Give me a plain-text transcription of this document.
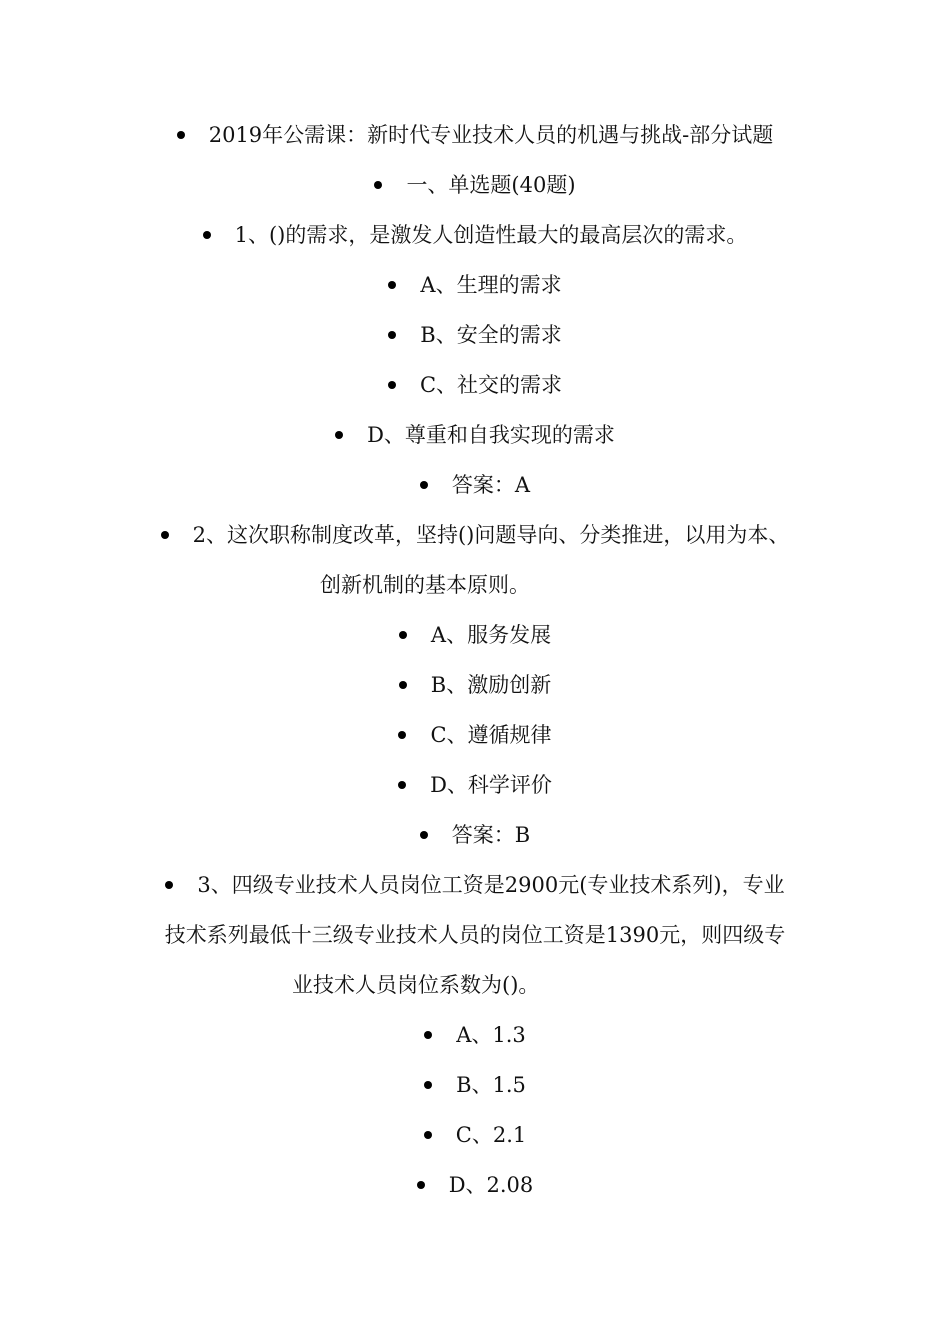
2019年公需课：新时代专业技术人员的机遇与挑战-部分试题
一、单选题(40题)
1、()的需求，是激发人创造性最大的最高层次的需求。
A、生理的需求
B、安全的需求
C、社交的需求
D、尊重和自我实现的需求
答案：A
2、这次职称制度改革，坚持()问题导向、分类推进，以用为本、
创新机制的基本原则。
A、服务发展
B、激励创新
C、遵循规律
D、科学评价
答案：B
3、四级专业技术人员岗位工资是2900元(专业技术系列)，专业
技术系列最低十三级专业技术人员的岗位工资是1390元，则四级专
业技术人员岗位系数为()。
A、1.3
B、1.5
C、2.1
D、2.08
